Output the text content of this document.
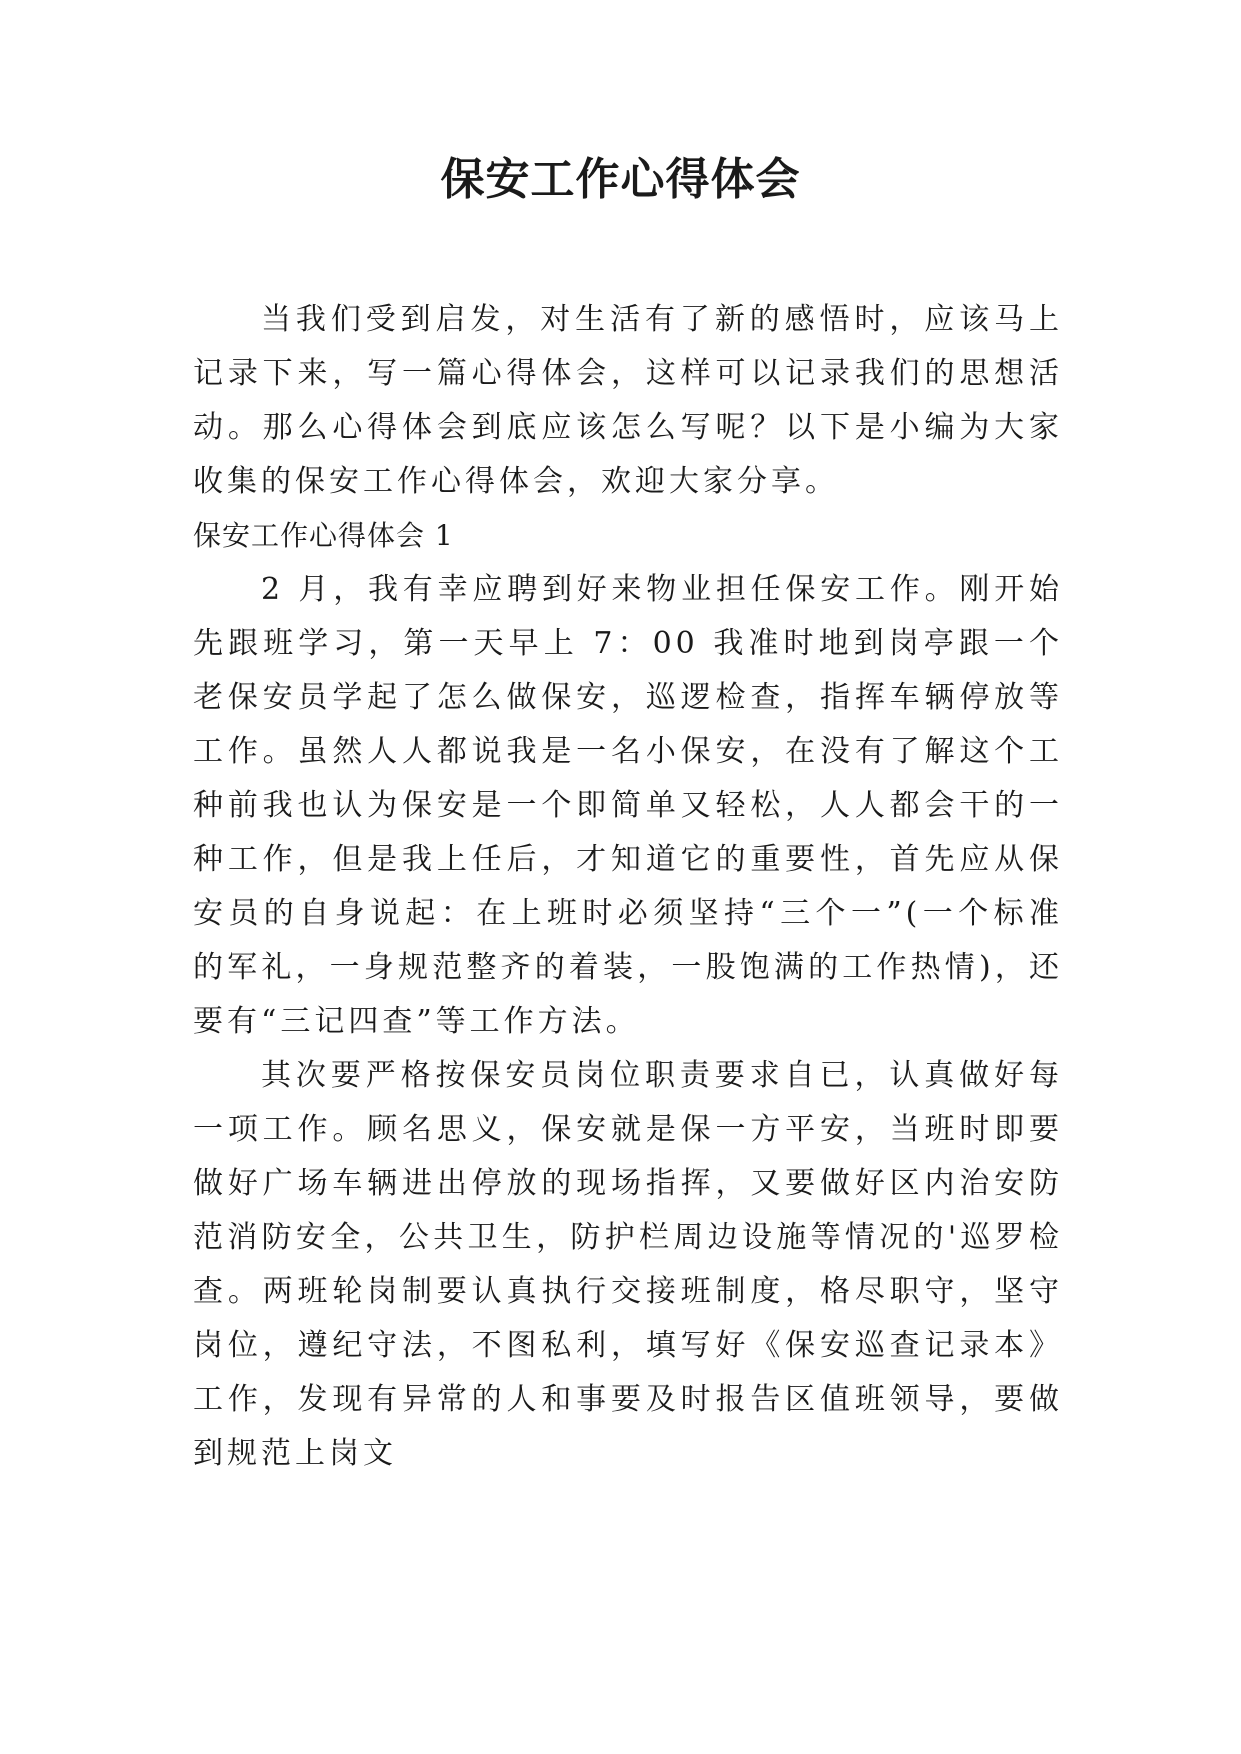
保安工作心得体会

当我们受到启发，对生活有了新的感悟时，应该马上记录下来，写一篇心得体会，这样可以记录我们的思想活动。那么心得体会到底应该怎么写呢？以下是小编为大家收集的保安工作心得体会，欢迎大家分享。

保安工作心得体会 1

2 月，我有幸应聘到好来物业担任保安工作。刚开始先跟班学习，第一天早上 7：00 我准时地到岗亭跟一个老保安员学起了怎么做保安，巡逻检查，指挥车辆停放等工作。虽然人人都说我是一名小保安，在没有了解这个工种前我也认为保安是一个即简单又轻松，人人都会干的一种工作，但是我上任后，才知道它的重要性，首先应从保安员的自身说起：在上班时必须坚持“三个一”(一个标准的军礼，一身规范整齐的着装，一股饱满的工作热情)，还要有“三记四查”等工作方法。

其次要严格按保安员岗位职责要求自已，认真做好每一项工作。顾名思义，保安就是保一方平安，当班时即要做好广场车辆进出停放的现场指挥，又要做好区内治安防范消防安全，公共卫生，防护栏周边设施等情况的'巡罗检查。两班轮岗制要认真执行交接班制度，格尽职守，坚守岗位，遵纪守法，不图私利，填写好《保安巡查记录本》工作，发现有异常的人和事要及时报告区值班领导，要做到规范上岗文
